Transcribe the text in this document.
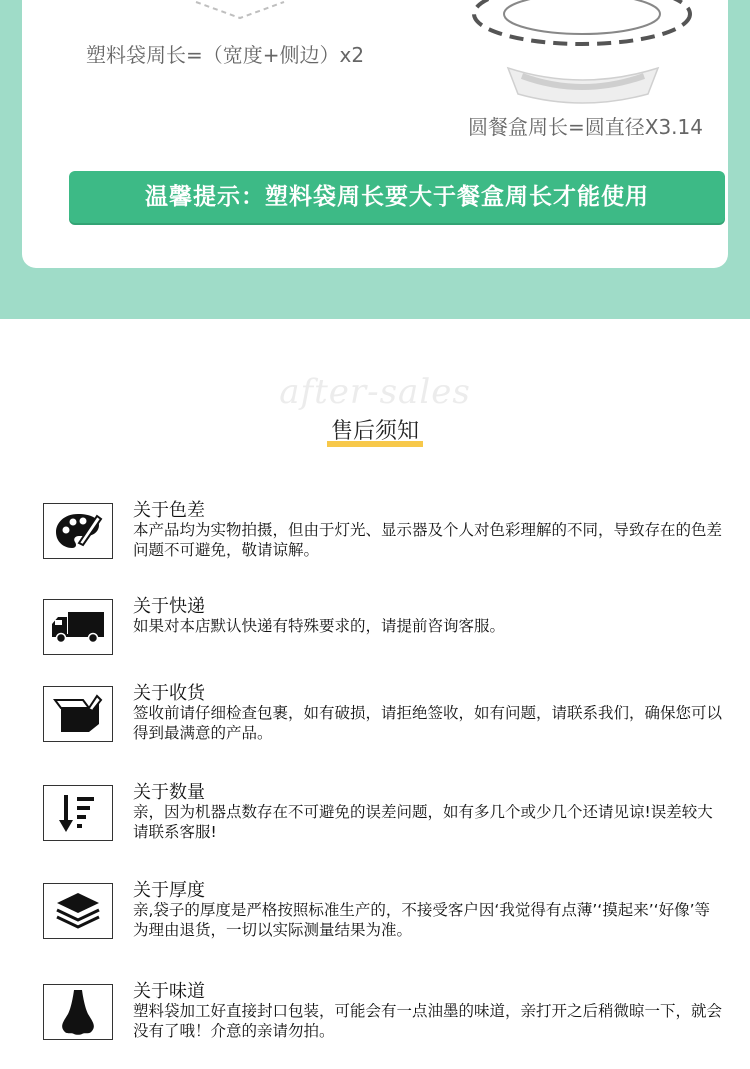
塑料袋周长=（宽度+侧边）x2
圆餐盒周长=圆直径X3.14
温馨提示：塑料袋周长要大于餐盒周长才能使用
after-sales
售后须知
关于色差
本产品均为实物拍摄，但由于灯光、显示器及个人对色彩理解的不同，导致存在的色差问题不可避免，敬请谅解。
关于快递
如果对本店默认快递有特殊要求的，请提前咨询客服。
关于收货
签收前请仔细检查包裹，如有破损，请拒绝签收，如有问题，请联系我们，确保您可以得到最满意的产品。
关于数量
亲，因为机器点数存在不可避免的误差问题，如有多几个或少几个还请见谅!误差较大请联系客服!
关于厚度
亲,袋子的厚度是严格按照标准生产的，不接受客户因‘我觉得有点薄’‘摸起来’‘好像’等为理由退货，一切以实际测量结果为准。
关于味道
塑料袋加工好直接封口包装，可能会有一点油墨的味道，亲打开之后稍微晾一下，就会没有了哦！介意的亲请勿拍。
